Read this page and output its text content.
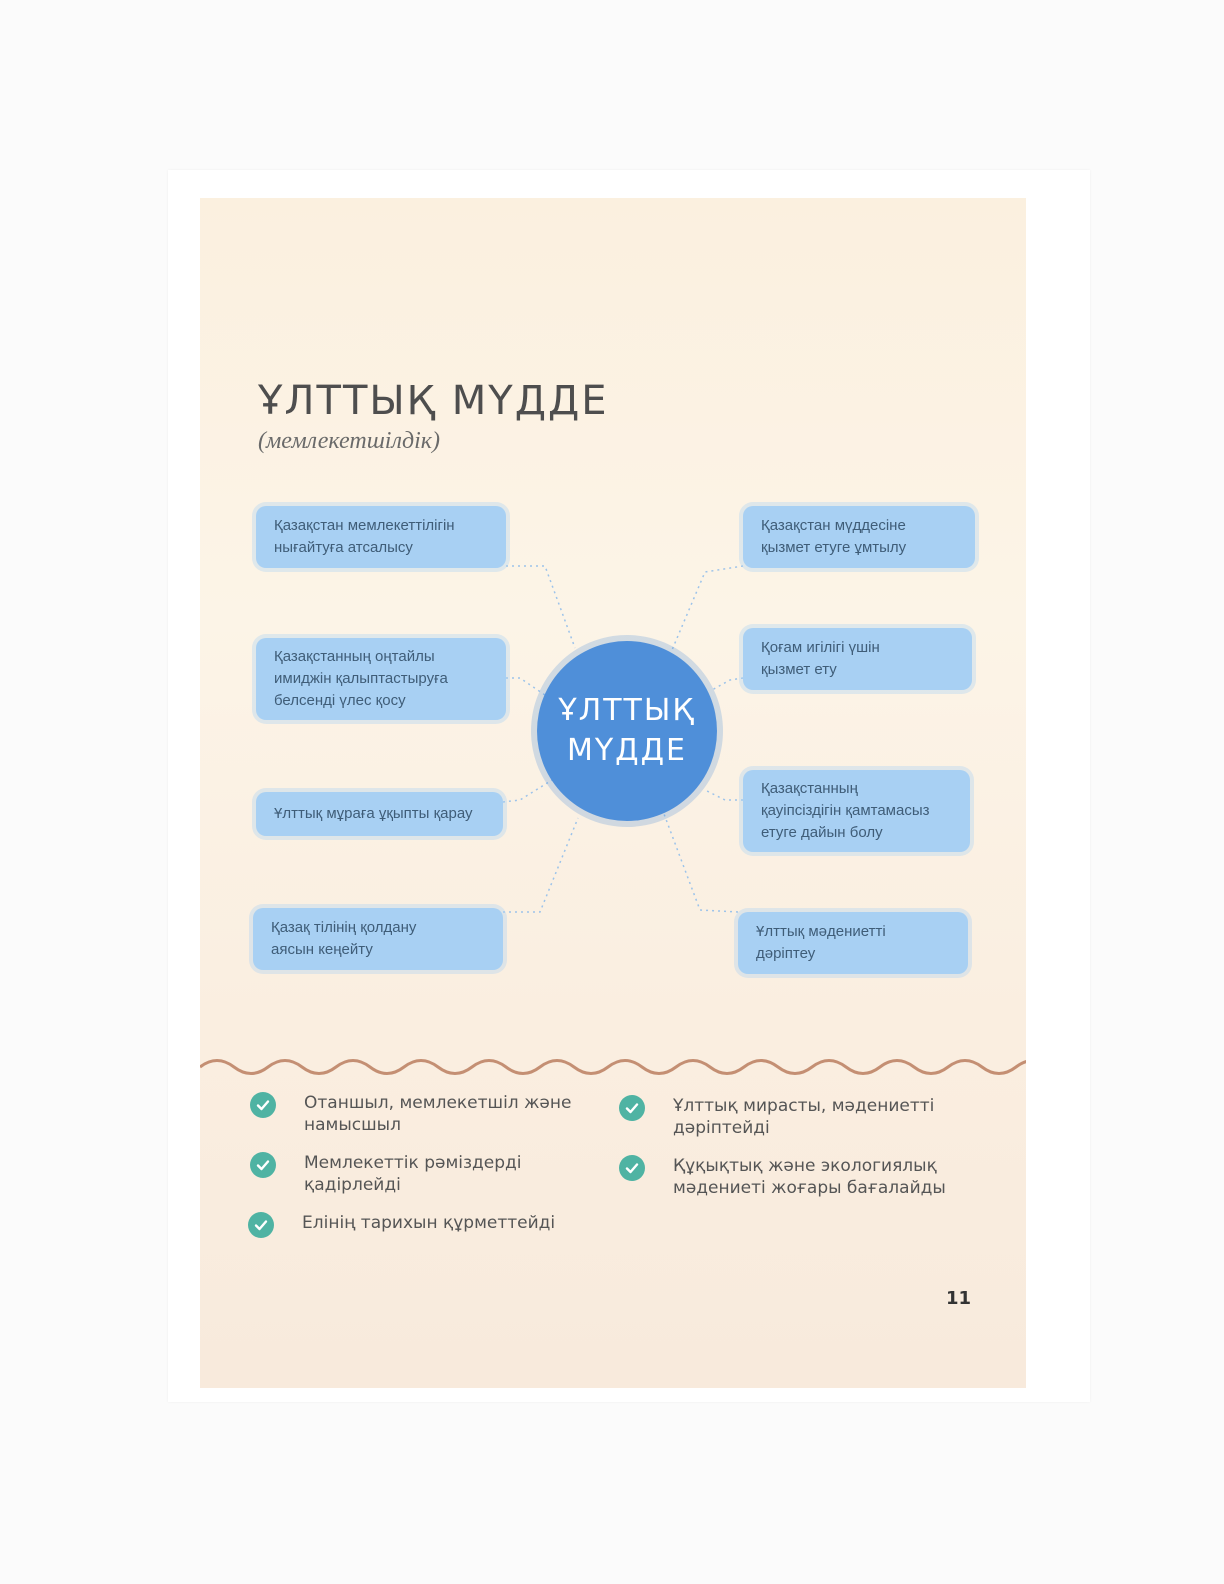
ҰЛТТЫҚ МҮДДЕ
(мемлекетшілдік)
Қазақстан мемлекеттілігін
нығайтуға атсалысу
Қазақстанның оңтайлы
имиджін қалыптастыруға
белсенді үлес қосу
Ұлттық мұраға ұқыпты қарау
Қазақ тілінің қолдану
аясын кеңейту
Қазақстан мүддесіне
қызмет етуге ұмтылу
Қоғам игілігі үшін
қызмет ету
Қазақстанның
қауіпсіздігін қамтамасыз
етуге дайын болу
Ұлттық мәдениетті
дәріптеу
ҰЛТТЫҚ
МҮДДЕ
Отаншыл, мемлекетшіл және
намысшыл
Мемлекеттік рәміздерді
қадірлейді
Елінің тарихын құрметтейді
Ұлттық мирасты, мәдениетті
дәріптейді
Құқықтық және экологиялық
мәдениеті жоғары бағалайды
11
